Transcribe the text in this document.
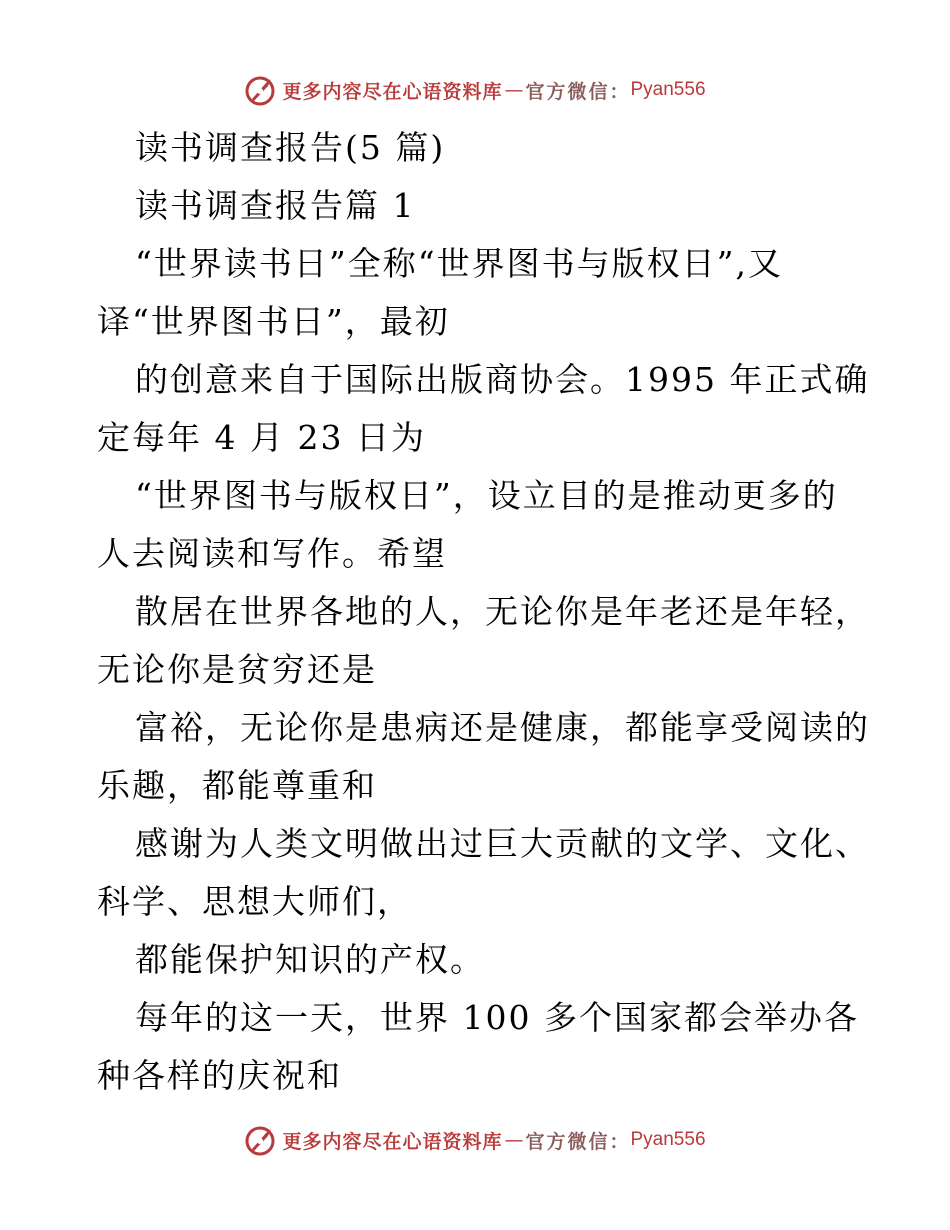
更多内容尽在心语资料库 — 官方微信： Pyan556
读书调查报告(5 篇)
读书调查报告篇 1
“世界读书日”全称“世界图书与版权日”,又
译“世界图书日”，最初
的创意来自于国际出版商协会。1995 年正式确
定每年 4 月 23 日为
“世界图书与版权日”，设立目的是推动更多的
人去阅读和写作。希望
散居在世界各地的人，无论你是年老还是年轻，
无论你是贫穷还是
富裕，无论你是患病还是健康，都能享受阅读的
乐趣，都能尊重和
感谢为人类文明做出过巨大贡献的文学、文化、
科学、思想大师们，
都能保护知识的产权。
每年的这一天，世界 100 多个国家都会举办各
种各样的庆祝和
更多内容尽在心语资料库 — 官方微信： Pyan556
